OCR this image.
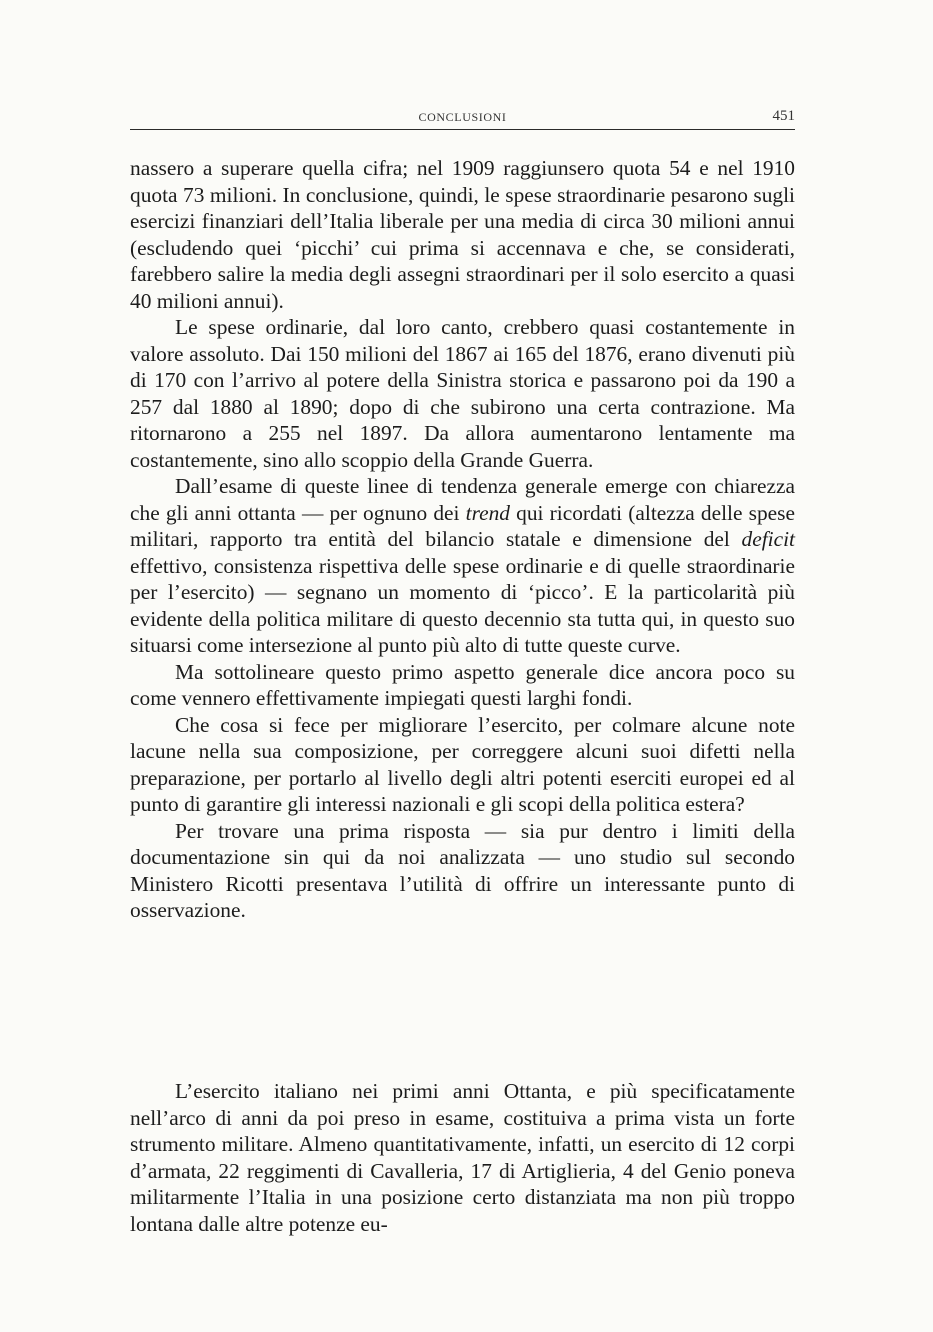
CONCLUSIONI	451

nassero a superare quella cifra; nel 1909 raggiunsero quota 54 e nel 1910 quota 73 milioni. In conclusione, quindi, le spese straordinarie pesarono sugli esercizi finanziari dell’Italia liberale per una media di circa 30 milioni annui (escludendo quei ‘picchi’ cui prima si accennava e che, se considerati, farebbero salire la media degli assegni straordinari per il solo esercito a quasi 40 milioni annui).

Le spese ordinarie, dal loro canto, crebbero quasi costantemente in valore assoluto. Dai 150 milioni del 1867 ai 165 del 1876, erano divenuti più di 170 con l’arrivo al potere della Sinistra storica e passarono poi da 190 a 257 dal 1880 al 1890; dopo di che subirono una certa contrazione. Ma ritornarono a 255 nel 1897. Da allora aumentarono lentamente ma costantemente, sino allo scoppio della Grande Guerra.

Dall’esame di queste linee di tendenza generale emerge con chiarezza che gli anni ottanta — per ognuno dei trend qui ricordati (altezza delle spese militari, rapporto tra entità del bilancio statale e dimensione del deficit effettivo, consistenza rispettiva delle spese ordinarie e di quelle straordinarie per l’esercito) — segnano un momento di ‘picco’. E la particolarità più evidente della politica militare di questo decennio sta tutta qui, in questo suo situarsi come intersezione al punto più alto di tutte queste curve.

Ma sottolineare questo primo aspetto generale dice ancora poco su come vennero effettivamente impiegati questi larghi fondi.

Che cosa si fece per migliorare l’esercito, per colmare alcune note lacune nella sua composizione, per correggere alcuni suoi difetti nella preparazione, per portarlo al livello degli altri potenti eserciti europei ed al punto di garantire gli interessi nazionali e gli scopi della politica estera?

Per trovare una prima risposta — sia pur dentro i limiti della documentazione sin qui da noi analizzata — uno studio sul secondo Ministero Ricotti presentava l’utilità di offrire un interessante punto di osservazione.

L’esercito italiano nei primi anni Ottanta, e più specificatamente nell’arco di anni da poi preso in esame, costituiva a prima vista un forte strumento militare. Almeno quantitativamente, infatti, un esercito di 12 corpi d’armata, 22 reggimenti di Cavalleria, 17 di Artiglieria, 4 del Genio poneva militarmente l’Italia in una posizione certo distanziata ma non più troppo lontana dalle altre potenze eu-
